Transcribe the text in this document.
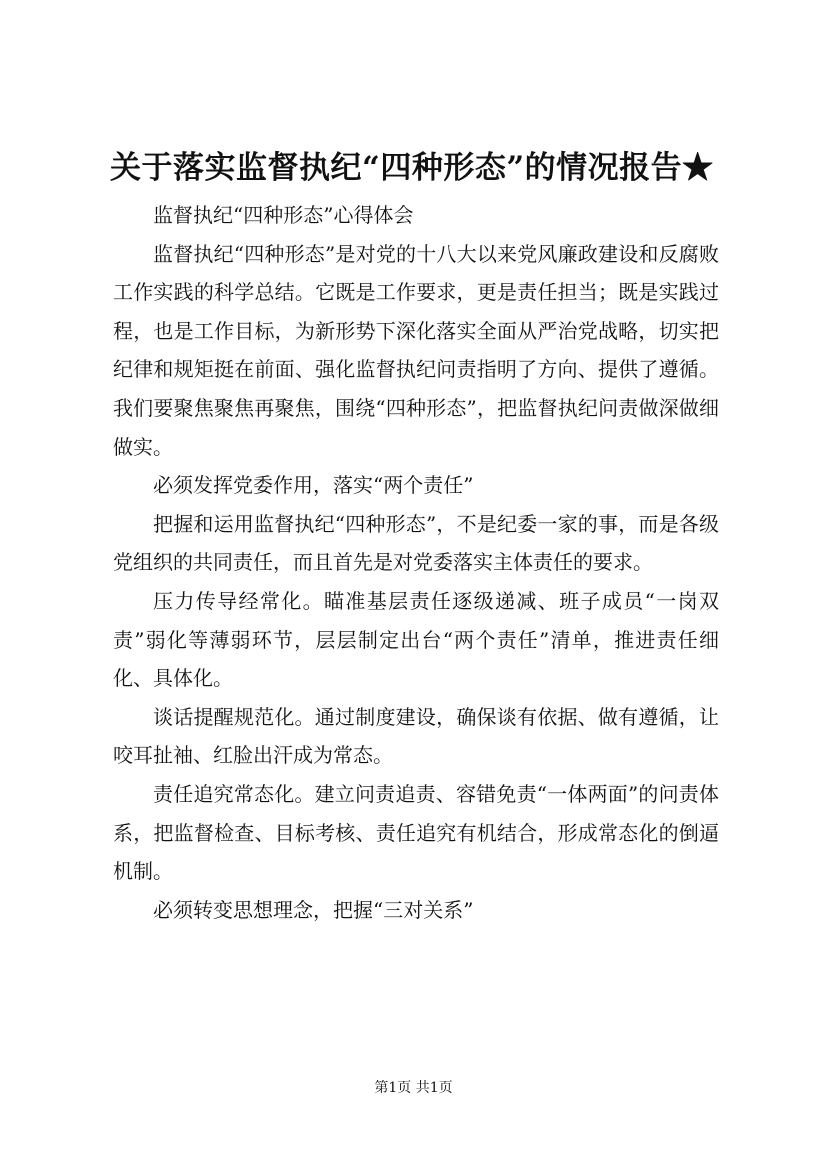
关于落实监督执纪“四种形态”的情况报告★

监督执纪“四种形态”心得体会

监督执纪“四种形态”是对党的十八大以来党风廉政建设和反腐败工作实践的科学总结。它既是工作要求，更是责任担当；既是实践过程，也是工作目标，为新形势下深化落实全面从严治党战略，切实把纪律和规矩挺在前面、强化监督执纪问责指明了方向、提供了遵循。我们要聚焦聚焦再聚焦，围绕“四种形态”，把监督执纪问责做深做细做实。

必须发挥党委作用，落实“两个责任”

把握和运用监督执纪“四种形态”，不是纪委一家的事，而是各级党组织的共同责任，而且首先是对党委落实主体责任的要求。

压力传导经常化。瞄准基层责任逐级递减、班子成员“一岗双责”弱化等薄弱环节，层层制定出台“两个责任”清单，推进责任细化、具体化。

谈话提醒规范化。通过制度建设，确保谈有依据、做有遵循，让咬耳扯袖、红脸出汗成为常态。

责任追究常态化。建立问责追责、容错免责“一体两面”的问责体系，把监督检查、目标考核、责任追究有机结合，形成常态化的倒逼机制。

必须转变思想理念，把握“三对关系”

第1页 共1页
